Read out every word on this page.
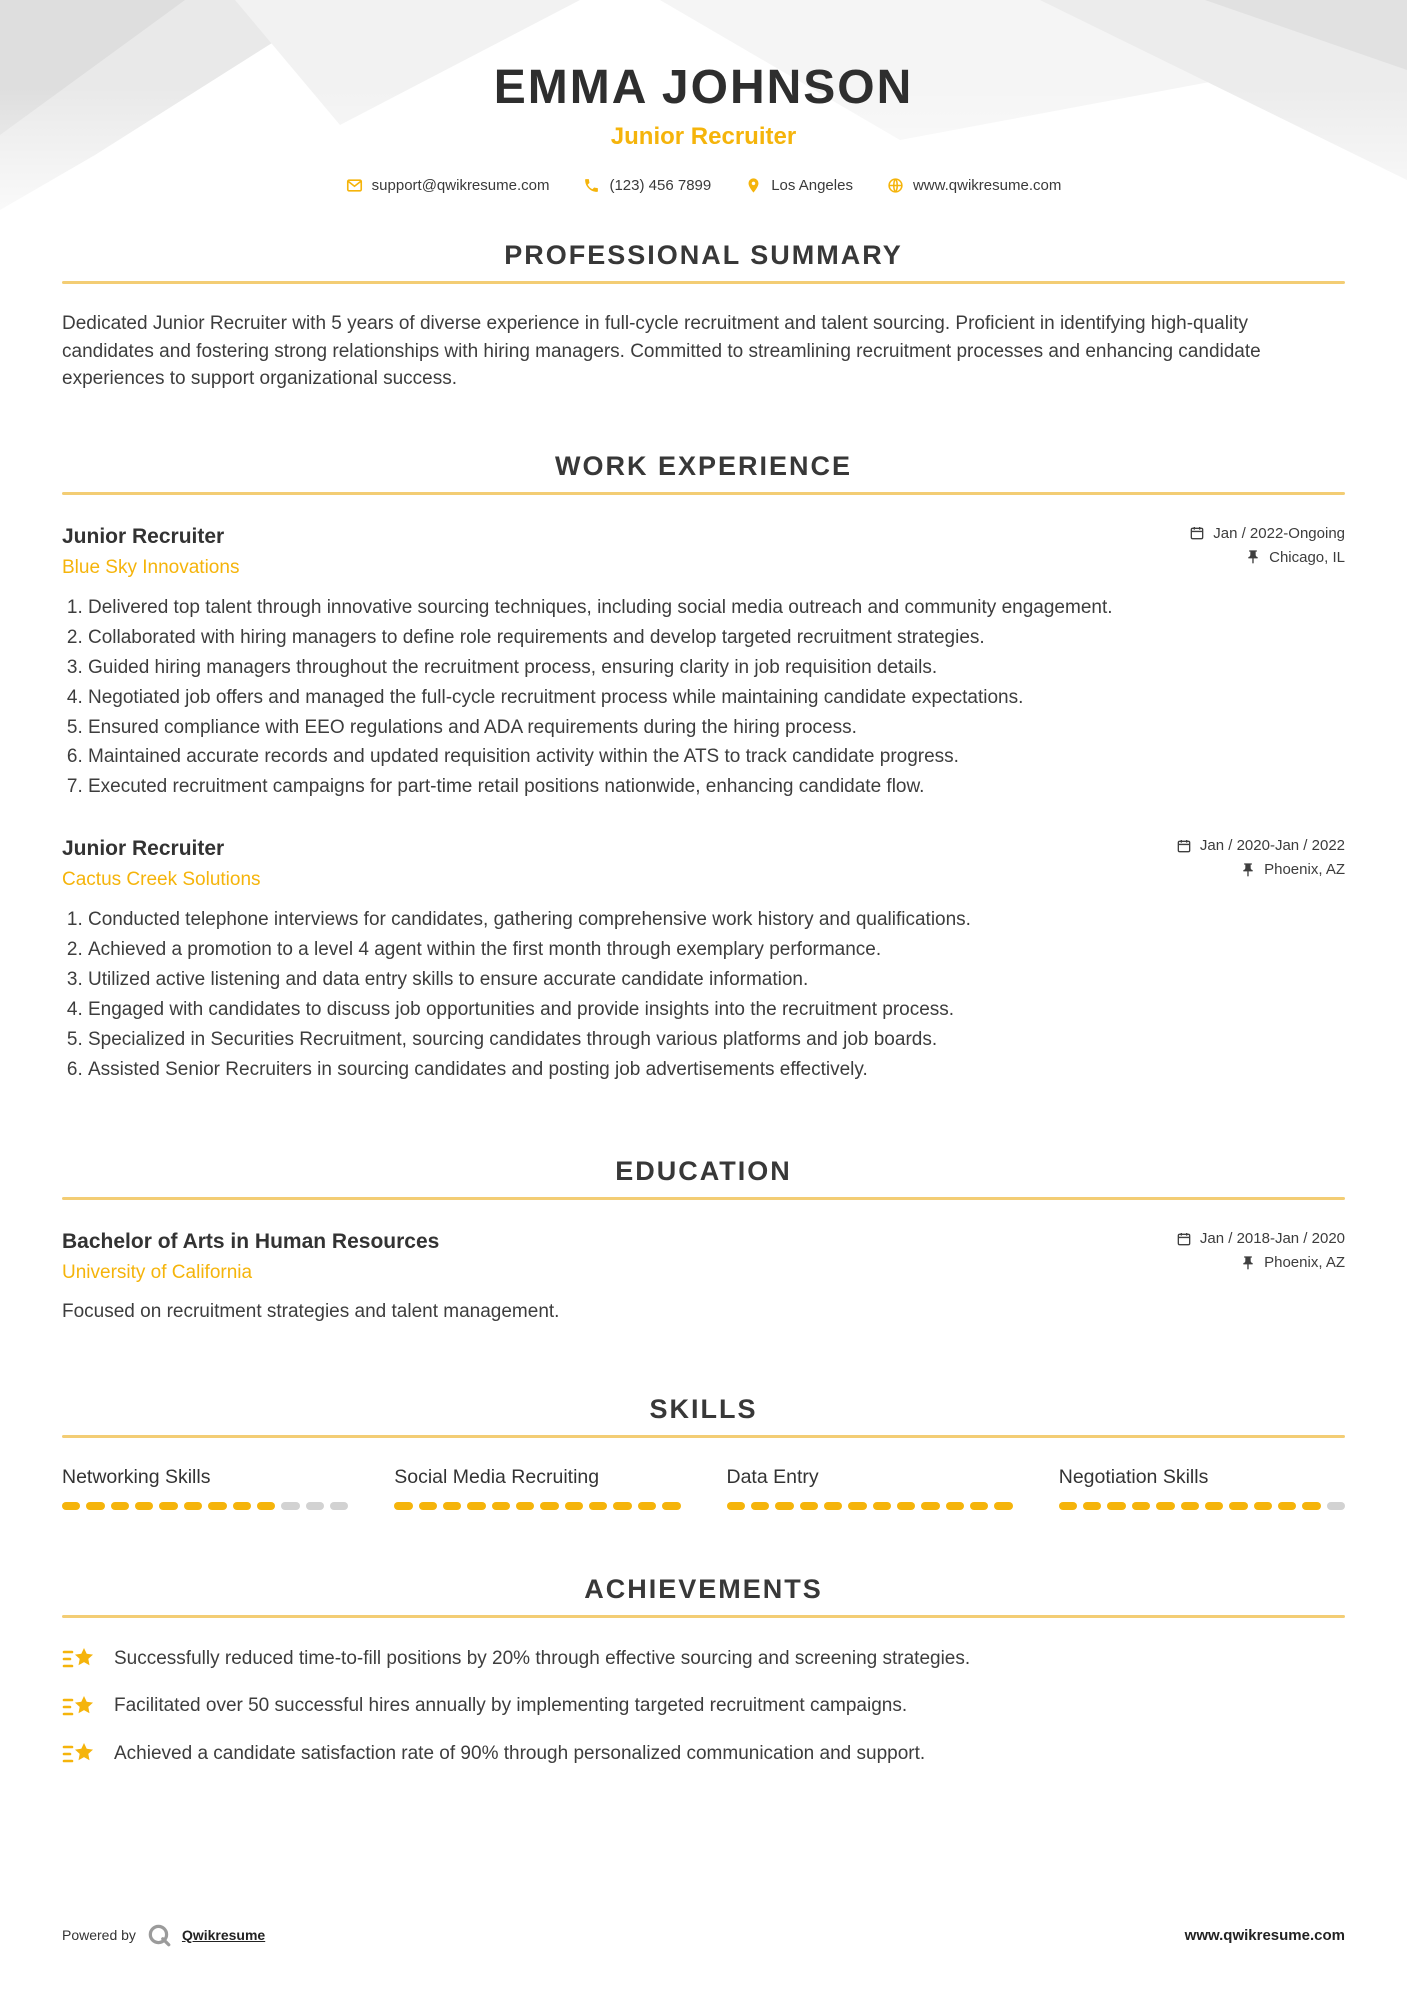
EMMA JOHNSON
Junior Recruiter
support@qwikresume.com	(123) 456 7899	Los Angeles	www.qwikresume.com
PROFESSIONAL SUMMARY

Dedicated Junior Recruiter with 5 years of diverse experience in full-cycle recruitment and talent sourcing. Proficient in identifying high-quality candidates and fostering strong relationships with hiring managers. Committed to streamlining recruitment processes and enhancing candidate experiences to support organizational success.

WORK EXPERIENCE
Junior Recruiter
Blue Sky Innovations
Jan / 2022-Ongoing
Chicago, IL
1. Delivered top talent through innovative sourcing techniques, including social media outreach and community engagement.
2. Collaborated with hiring managers to define role requirements and develop targeted recruitment strategies.
3. Guided hiring managers throughout the recruitment process, ensuring clarity in job requisition details.
4. Negotiated job offers and managed the full-cycle recruitment process while maintaining candidate expectations.
5. Ensured compliance with EEO regulations and ADA requirements during the hiring process.
6. Maintained accurate records and updated requisition activity within the ATS to track candidate progress.
7. Executed recruitment campaigns for part-time retail positions nationwide, enhancing candidate flow.
Junior Recruiter
Cactus Creek Solutions
Jan / 2020-Jan / 2022
Phoenix, AZ
1. Conducted telephone interviews for candidates, gathering comprehensive work history and qualifications.
2. Achieved a promotion to a level 4 agent within the first month through exemplary performance.
3. Utilized active listening and data entry skills to ensure accurate candidate information.
4. Engaged with candidates to discuss job opportunities and provide insights into the recruitment process.
5. Specialized in Securities Recruitment, sourcing candidates through various platforms and job boards.
6. Assisted Senior Recruiters in sourcing candidates and posting job advertisements effectively.
EDUCATION
Bachelor of Arts in Human Resources
University of California
Jan / 2018-Jan / 2020
Phoenix, AZ

Focused on recruitment strategies and talent management.

SKILLS
Networking Skills	Social Media Recruiting	Data Entry	Negotiation Skills
ACHIEVEMENTS
Successfully reduced time-to-fill positions by 20% through effective sourcing and screening strategies.
Facilitated over 50 successful hires annually by implementing targeted recruitment campaigns.
Achieved a candidate satisfaction rate of 90% through personalized communication and support.
Powered by	Qwikresume	www.qwikresume.com
